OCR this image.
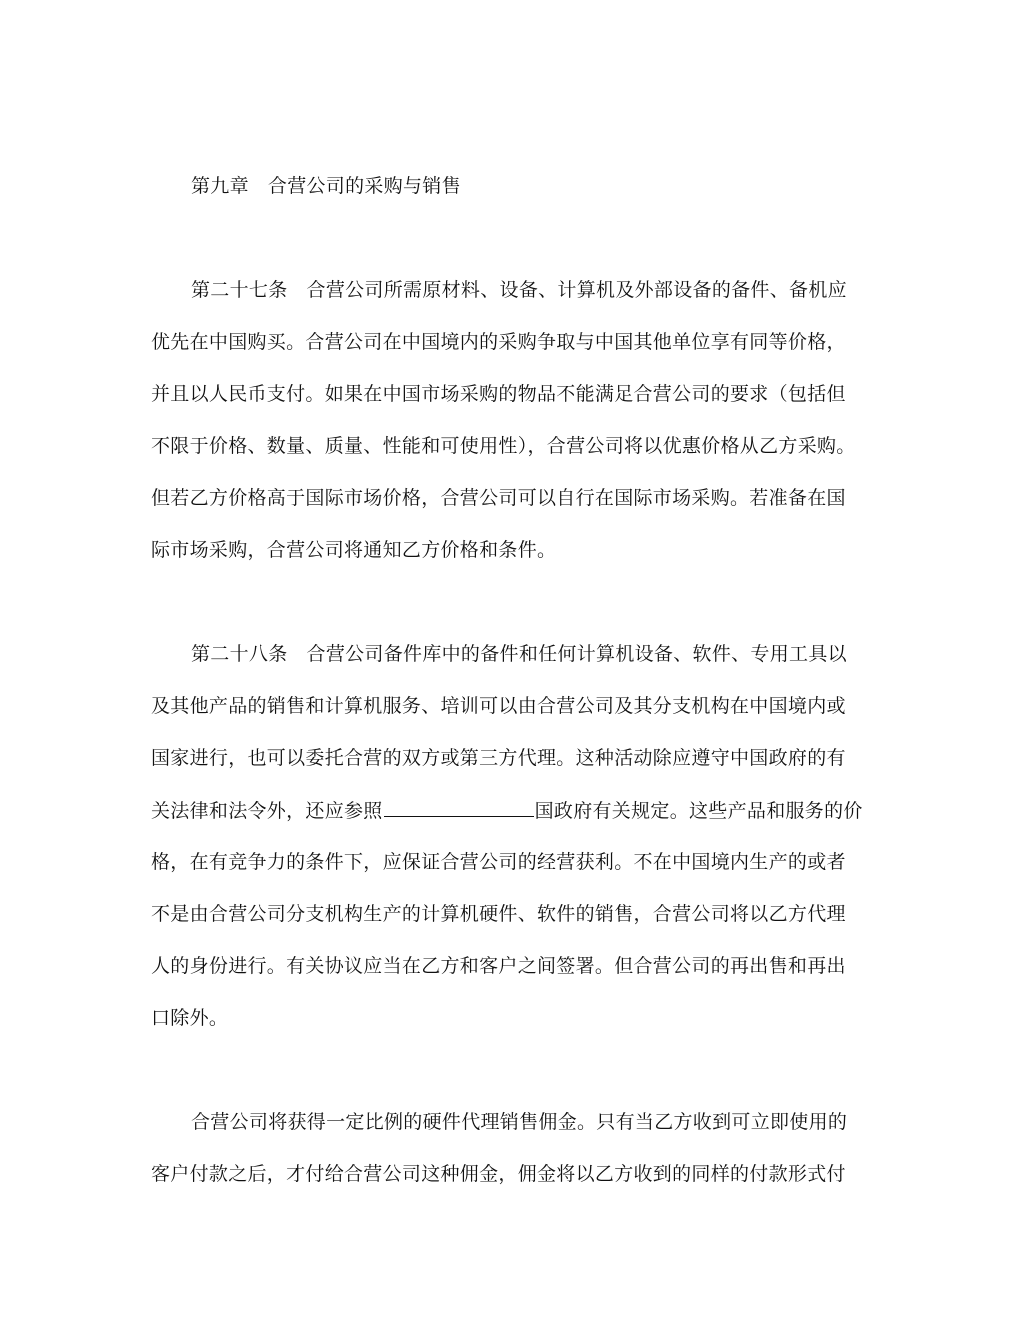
第九章 合营公司的采购与销售
第二十七条 合营公司所需原材料、设备、计算机及外部设备的备件、备机应
优先在中国购买。合营公司在中国境内的采购争取与中国其他单位享有同等价格，
并且以人民币支付。如果在中国市场采购的物品不能满足合营公司的要求（包括但
不限于价格、数量、质量、性能和可使用性），合营公司将以优惠价格从乙方采购。
但若乙方价格高于国际市场价格，合营公司可以自行在国际市场采购。若准备在国
际市场采购，合营公司将通知乙方价格和条件。
第二十八条 合营公司备件库中的备件和任何计算机设备、软件、专用工具以
及其他产品的销售和计算机服务、培训可以由合营公司及其分支机构在中国境内或
国家进行，也可以委托合营的双方或第三方代理。这种活动除应遵守中国政府的有
关法律和法令外，还应参照	国政府有关规定。这些产品和服务的价
格，在有竞争力的条件下，应保证合营公司的经营获利。不在中国境内生产的或者
不是由合营公司分支机构生产的计算机硬件、软件的销售，合营公司将以乙方代理
人的身份进行。有关协议应当在乙方和客户之间签署。但合营公司的再出售和再出
口除外。
合营公司将获得一定比例的硬件代理销售佣金。只有当乙方收到可立即使用的
客户付款之后，才付给合营公司这种佣金，佣金将以乙方收到的同样的付款形式付
